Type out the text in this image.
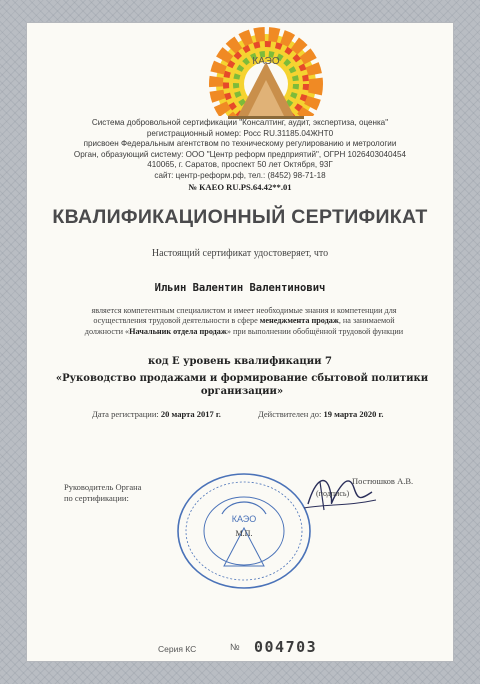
КАЭО
Система добровольной сертификации "Консалтинг, аудит, экспертиза, оценка"
регистрационный номер: Росс RU.31185.04ЖНТ0
присвоен Федеральным агентством по техническому регулированию и метрологии
Орган, образующий систему: ООО "Центр реформ предприятий", ОГРН 1026403040454
410065, г. Саратов, проспект 50 лет Октября, 93Г
сайт: центр-реформ.рф, тел.: (8452) 98-71-18
№ КАЕО RU.PS.64.42**.01
КВАЛИФИКАЦИОННЫЙ СЕРТИФИКАТ
Настоящий сертификат удостоверяет, что
Ильин Валентин Валентинович
является компетентным специалистом и имеет необходимые знания и компетенции для осуществления трудовой деятельности в сфере менеджмента продаж, на занимаемой должности «Начальник отдела продаж» при выполнении обобщённой трудовой функции
код Е уровень квалификации 7
«Руководство продажами и формирование сбытовой политики организации»
Дата регистрации: 20 марта 2017 г.	Действителен до: 19 марта 2020 г.
Руководитель Органа
по сертификации:
КАЭО
М.П.
Постюшков А.В.
(подпись)
Серия КС	№ 004703
